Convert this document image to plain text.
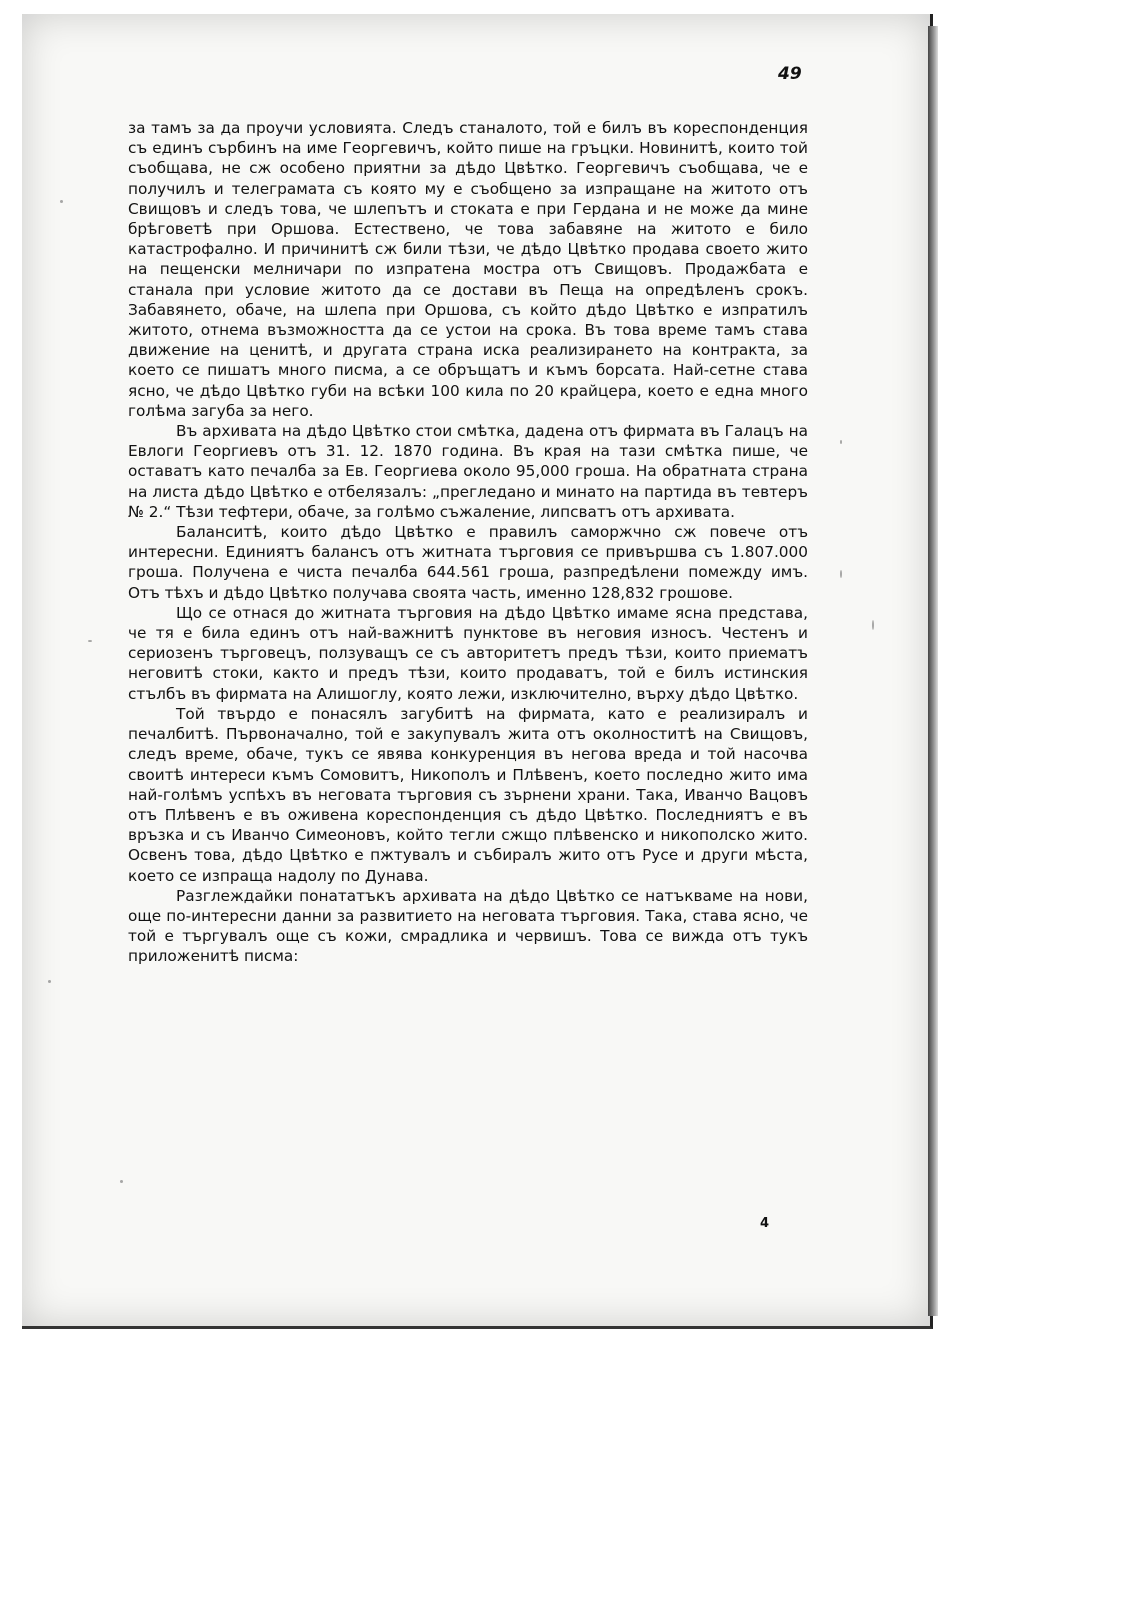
49

за тамъ за да проучи условията. Следъ станалото, той е билъ въ кореспонденция съ единъ сърбинъ на име Георгевичъ, който пише на гръцки. Новинитѣ, които той съобщава, не сж особено приятни за дѣдо Цвѣтко. Георгевичъ съобщава, че е получилъ и телеграмата съ която му е съобщено за изпращане на житото отъ Свищовъ и следъ това, че шлепътъ и стоката е при Гердана и не може да мине брѣговетѣ при Оршова. Естествено, че това забавяне на житото е било катастрофално. И причинитѣ сж били тѣзи, че дѣдо Цвѣтко продава своето жито на пещенски мелничари по изпратена мостра отъ Свищовъ. Продажбата е станала при условие житото да се достави въ Пеща на опредѣленъ срокъ. Забавянето, обаче, на шлепа при Оршова, съ който дѣдо Цвѣтко е изпратилъ житото, отнема възможността да се устои на срока. Въ това време тамъ става движение на ценитѣ, и другата страна иска реализирането на контракта, за което се пишатъ много писма, а се обръщатъ и къмъ борсата. Най-сетне става ясно, че дѣдо Цвѣтко губи на всѣки 100 кила по 20 крайцера, което е една много голѣма загуба за него.

Въ архивата на дѣдо Цвѣтко стои смѣтка, дадена отъ фирмата въ Галацъ на Евлоги Георгиевъ отъ 31. 12. 1870 година. Въ края на тази смѣтка пише, че оставатъ като печалба за Ев. Георгиева около 95,000 гроша. На обратната страна на листа дѣдо Цвѣтко е отбелязалъ: „прегледано и минато на партида въ тевтеръ № 2.“ Тѣзи тефтери, обаче, за голѣмо съжаление, липсватъ отъ архивата.

Баланситѣ, които дѣдо Цвѣтко е правилъ саморжчно сж повече отъ интересни. Единиятъ балансъ отъ житната търговия се привършва съ 1.807.000 гроша. Получена е чиста печалба 644.561 гроша, разпредѣлени помежду имъ. Отъ тѣхъ и дѣдо Цвѣтко получава своята часть, именно 128,832 грошове.

Що се отнася до житната търговия на дѣдо Цвѣтко имаме ясна представа, че тя е била единъ отъ най-важнитѣ пунктове въ неговия износъ. Честенъ и сериозенъ търговецъ, ползуващъ се съ авторитетъ предъ тѣзи, които приематъ неговитѣ стоки, както и предъ тѣзи, които продаватъ, той е билъ истинския стълбъ въ фирмата на Алишоглу, която лежи, изключително, върху дѣдо Цвѣтко.

Той твърдо е понасялъ загубитѣ на фирмата, като е реализиралъ и печалбитѣ. Първоначално, той е закупувалъ жита отъ околноститѣ на Свищовъ, следъ време, обаче, тукъ се явява конкуренция въ негова вреда и той насочва своитѣ интереси къмъ Сомовитъ, Никополъ и Плѣвенъ, което последно жито има най-голѣмъ успѣхъ въ неговата търговия съ зърнени храни. Така, Иванчо Вацовъ отъ Плѣвенъ е въ оживена кореспонденция съ дѣдо Цвѣтко. Последниятъ е въ връзка и съ Иванчо Симеоновъ, който тегли сжщо плѣвенско и никополско жито. Освенъ това, дѣдо Цвѣтко е пжтувалъ и събиралъ жито отъ Русе и други мѣста, което се изпраща надолу по Дунава.

Разглеждайки понататъкъ архивата на дѣдо Цвѣтко се натъкваме на нови, още по-интересни данни за развитието на неговата търговия. Така, става ясно, че той е търгувалъ още съ кожи, смрадлика и червишъ. Това се вижда отъ тукъ приложенитѣ писма:

4
